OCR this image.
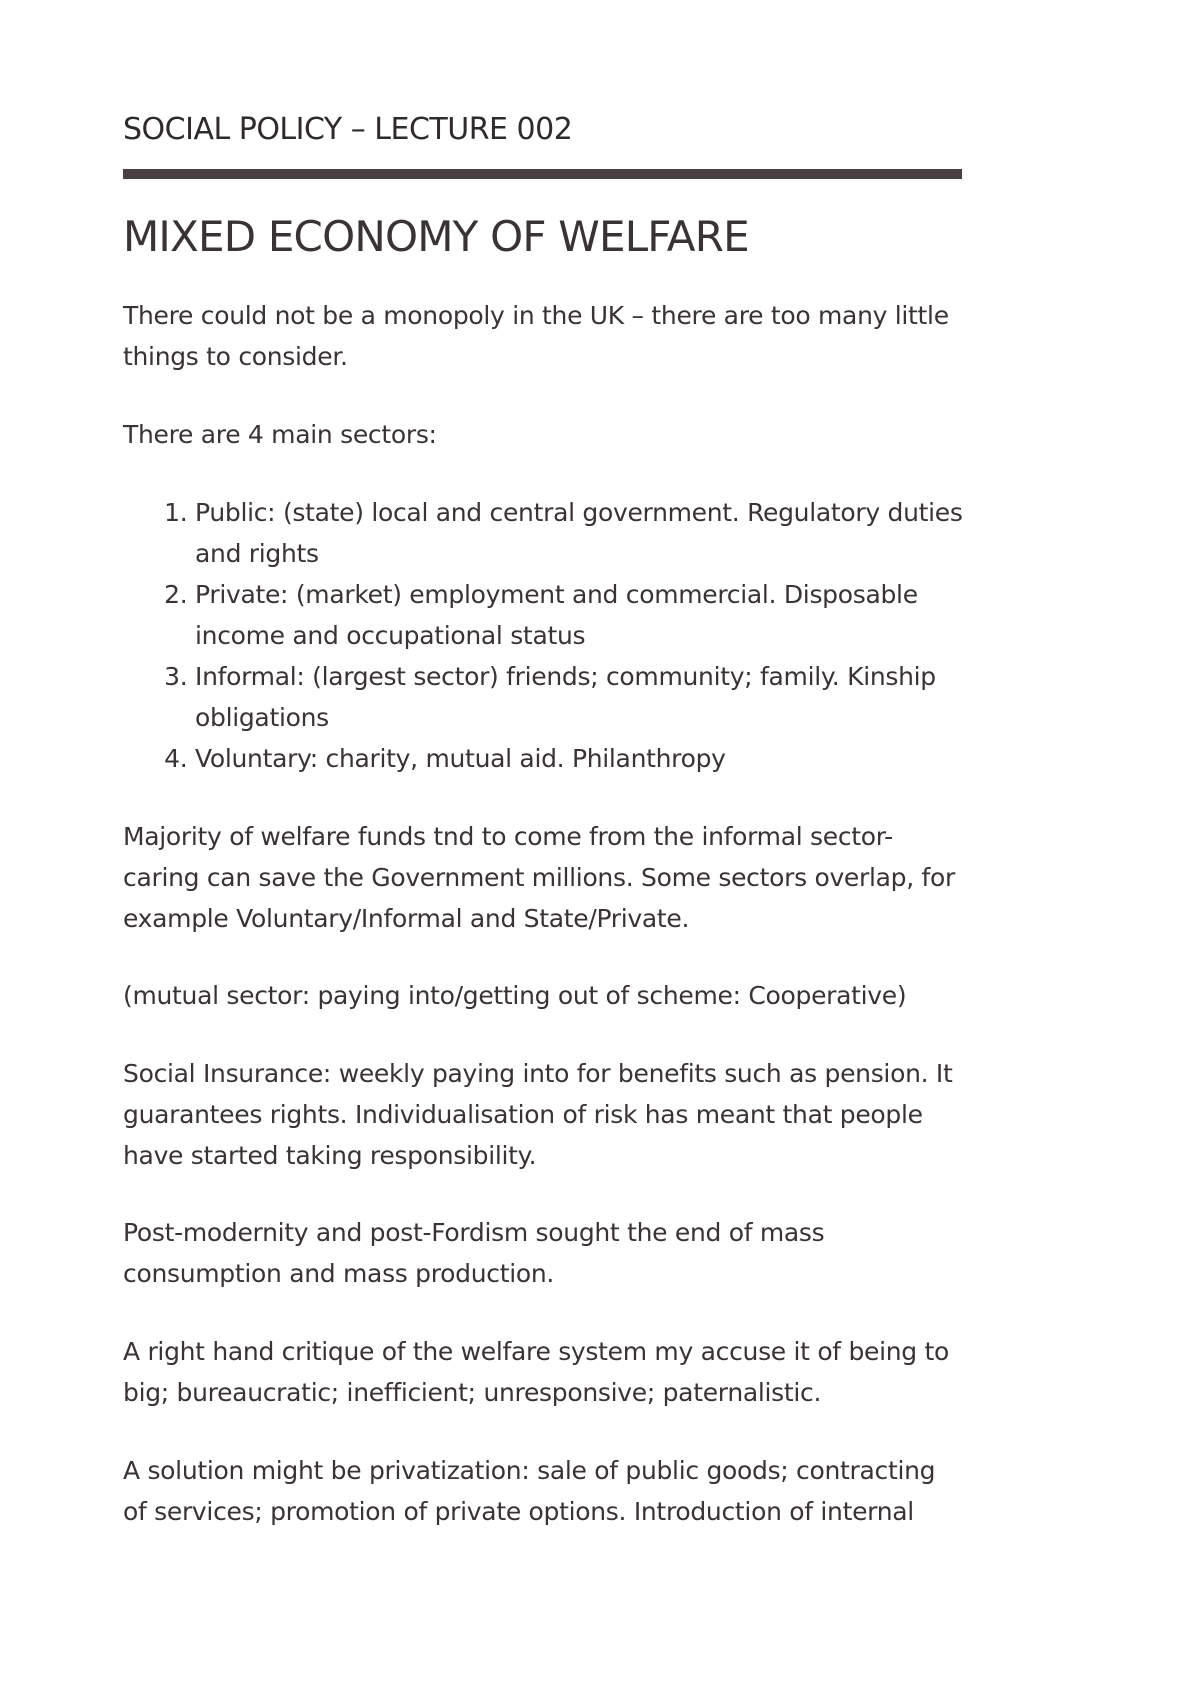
SOCIAL POLICY – LECTURE 002
MIXED ECONOMY OF WELFARE

There could not be a monopoly in the UK – there are too many little things to consider.

There are 4 main sectors:

1. Public: (state) local and central government. Regulatory duties and rights
2. Private: (market) employment and commercial. Disposable income and occupational status
3. Informal: (largest sector) friends; community; family. Kinship obligations
4. Voluntary: charity, mutual aid. Philanthropy

Majority of welfare funds tnd to come from the informal sector- caring can save the Government millions. Some sectors overlap, for example Voluntary/Informal and State/Private.

(mutual sector: paying into/getting out of scheme: Cooperative)

Social Insurance: weekly paying into for benefits such as pension. It guarantees rights. Individualisation of risk has meant that people have started taking responsibility.

Post-modernity and post-Fordism sought the end of mass consumption and mass production.

A right hand critique of the welfare system my accuse it of being to big; bureaucratic; inefficient; unresponsive; paternalistic.

A solution might be privatization: sale of public goods; contracting of services; promotion of private options. Introduction of internal
